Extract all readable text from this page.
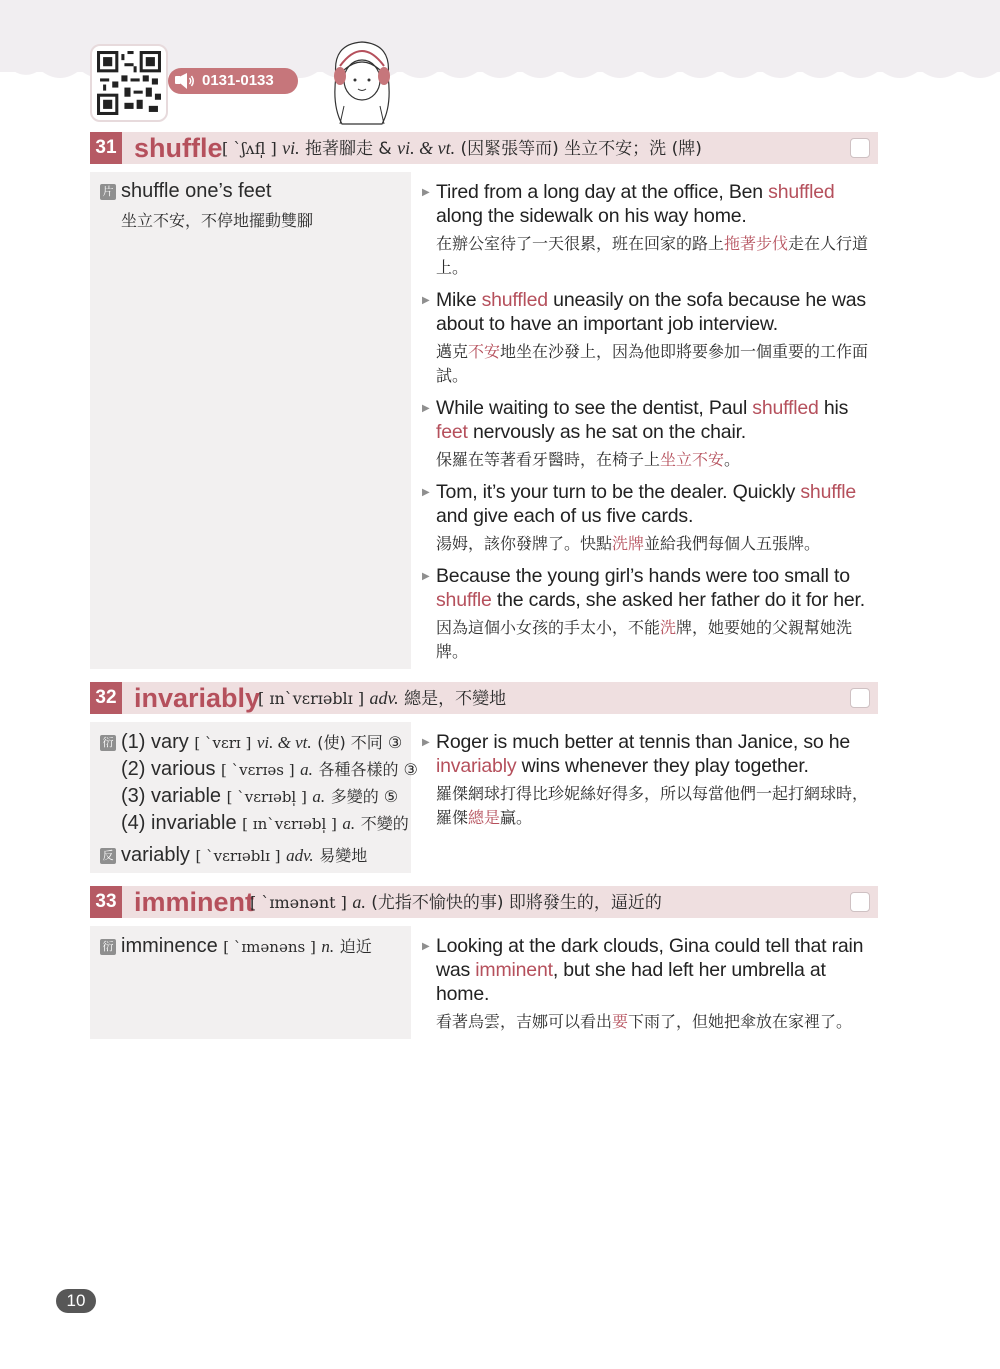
0131-0133
31 shuffle [ ˋʃʌfl̩ ] vi. 拖著腳走 & vi. & vt. (因緊張等而) 坐立不安；洗 (牌)
片 shuffle one’s feet
坐立不安，不停地擺動雙腳
▶ Tired from a long day at the office, Ben shuffled along the sidewalk on his way home.
在辦公室待了一天很累，班在回家的路上拖著步伐走在人行道上。
▶ Mike shuffled uneasily on the sofa because he was about to have an important job interview.
邁克不安地坐在沙發上，因為他即將要參加一個重要的工作面試。
▶ While waiting to see the dentist, Paul shuffled his feet nervously as he sat on the chair.
保羅在等著看牙醫時，在椅子上坐立不安。
▶ Tom, it’s your turn to be the dealer. Quickly shuffle and give each of us five cards.
湯姆，該你發牌了。快點洗牌並給我們每個人五張牌。
▶ Because the young girl’s hands were too small to shuffle the cards, she asked her father do it for her.
因為這個小女孩的手太小，不能洗牌，她要她的父親幫她洗牌。
32 invariably
[ ɪnˋvɛrɪəblɪ ] adv. 總是，不變地
衍 (1) vary [ ˋvɛrɪ ] vi. & vt. (使) 不同 ③
(2) various [ ˋvɛrɪəs ] a. 各種各樣的 ③
(3) variable [ ˋvɛrɪəbl̩ ] a. 多變的 ⑤
(4) invariable [ ɪnˋvɛrɪəbl̩ ] a. 不變的
反 variably [ ˋvɛrɪəblɪ ] adv. 易變地
▶ Roger is much better at tennis than Janice, so he invariably wins whenever they play together.
羅傑網球打得比珍妮絲好得多，所以每當他們一起打網球時，羅傑總是贏。
33 imminent
[ ˋɪmənənt ] a. (尤指不愉快的事) 即將發生的，逼近的
衍 imminence [ ˋɪmənəns ] n. 迫近
▶	Looking at the dark clouds, Gina could tell that rain was imminent, but she had left her umbrella at home.
看著烏雲，吉娜可以看出要下雨了，但她把傘放在家裡了。
10
